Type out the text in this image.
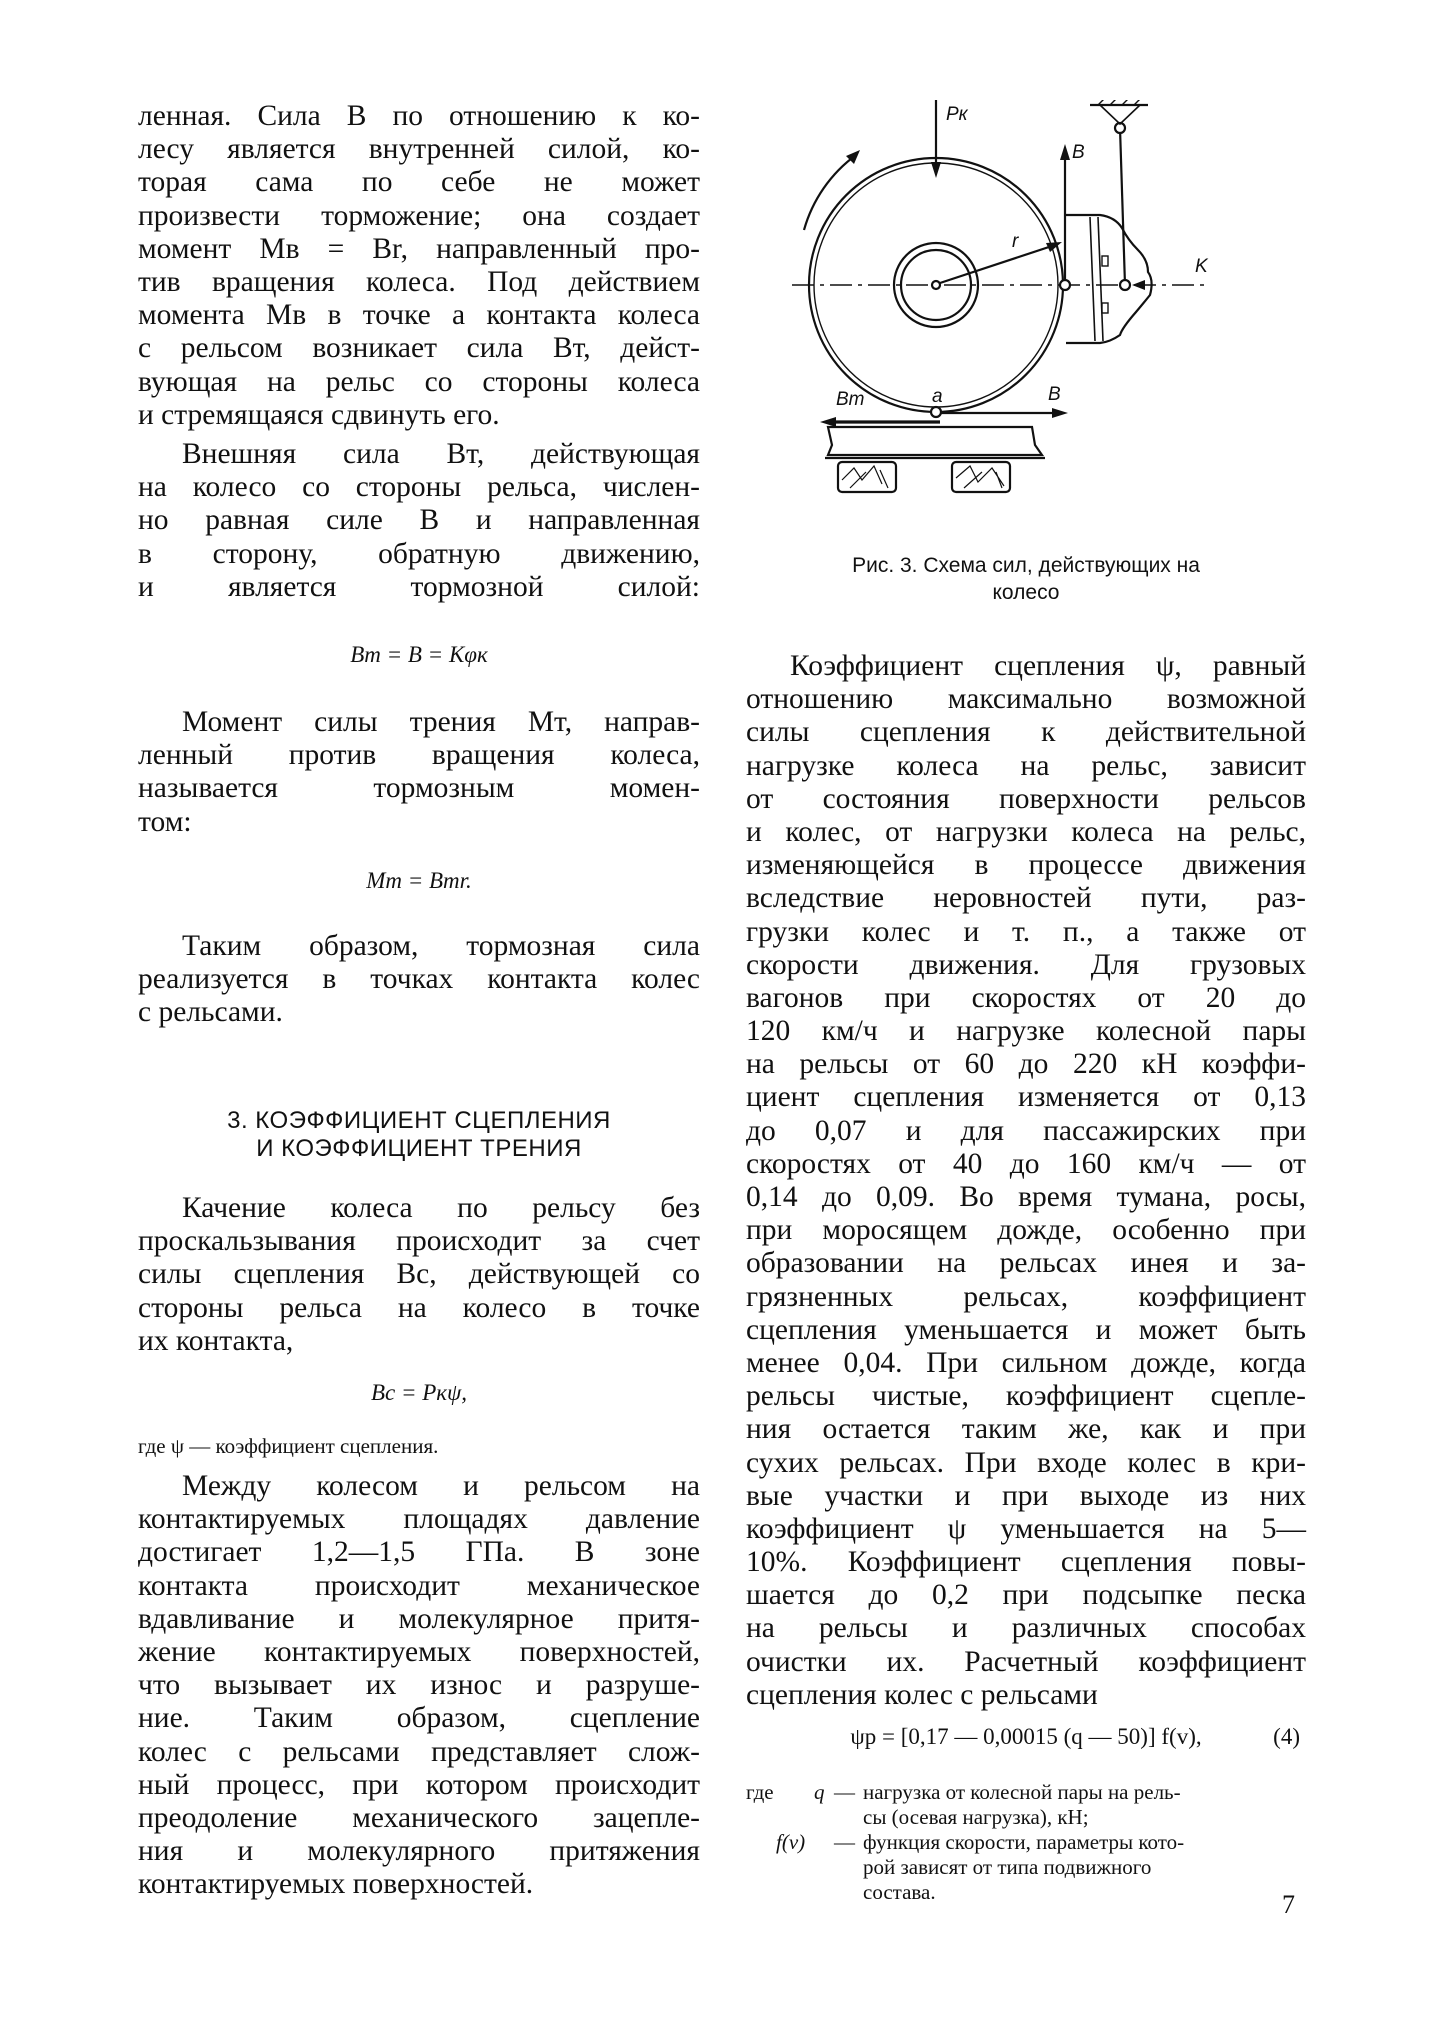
ленная. Сила B по отношению к ко-
лесу является внутренней силой, ко-
торая сама по себе не может
произвести торможение; она создает
момент Mв = Br, направленный про-
тив вращения колеса. Под действием
момента Mв в точке a контакта колеса
с рельсом возникает сила Bт, дейст-
вующая на рельс со стороны колеса
и стремящаяся сдвинуть его.
Внешняя сила Bт, действующая
на колесо со стороны рельса, числен-
но равная силе B и направленная
в сторону, обратную движению,
и является тормозной силой:
Bт = B = Kφк
Момент силы трения Mт, направ-
ленный против вращения колеса,
называется тормозным момен-
том:
Mт = Bтr.
Таким образом, тормозная сила
реализуется в точках контакта колес
с рельсами.
3. КОЭФФИЦИЕНТ СЦЕПЛЕНИЯ
И КОЭФФИЦИЕНТ ТРЕНИЯ
Качение колеса по рельсу без
проскальзывания происходит за счет
силы сцепления Bс, действующей со
стороны рельса на колесо в точке
их контакта,
Bс = Pкψ,
где ψ — коэффициент сцепления.
Между колесом и рельсом на
контактируемых площадях давление
достигает 1,2—1,5 ГПа. В зоне
контакта происходит механическое
вдавливание и молекулярное притя-
жение контактируемых поверхностей,
что вызывает их износ и разруше-
ние. Таким образом, сцепление
колес с рельсами представляет слож-
ный процесс, при котором происходит
преодоление механического зацепле-
ния и молекулярного притяжения
контактируемых поверхностей.
Pк
B
r
K
Bт	a	B
Рис. 3. Схема сил, действующих на
колесо
Коэффициент сцепления ψ, равный
отношению максимально возможной
силы сцепления к действительной
нагрузке колеса на рельс, зависит
от состояния поверхности рельсов
и колес, от нагрузки колеса на рельс,
изменяющейся в процессе движения
вследствие неровностей пути, раз-
грузки колес и т. п., а также от
скорости движения. Для грузовых
вагонов при скоростях от 20 до
120 км/ч и нагрузке колесной пары
на рельсы от 60 до 220 кН коэффи-
циент сцепления изменяется от 0,13
до 0,07 и для пассажирских при
скоростях от 40 до 160 км/ч — от
0,14 до 0,09. Во время тумана, росы,
при моросящем дожде, особенно при
образовании на рельсах инея и за-
грязненных рельсах, коэффициент
сцепления уменьшается и может быть
менее 0,04. При сильном дожде, когда
рельсы чистые, коэффициент сцепле-
ния остается таким же, как и при
сухих рельсах. При входе колес в кри-
вые участки и при выходе из них
коэффициент ψ уменьшается на 5—
10%. Коэффициент сцепления повы-
шается до 0,2 при подсыпке песка
на рельсы и различных способах
очистки их. Расчетный коэффициент
сцепления колес с рельсами
ψр = [0,17 — 0,00015 (q — 50)] f(v),	(4)
где q — нагрузка от колесной пары на рель-
сы (осевая нагрузка), кН;
f(v) — функция скорости, параметры кото-
рой зависят от типа подвижного
состава.	7
